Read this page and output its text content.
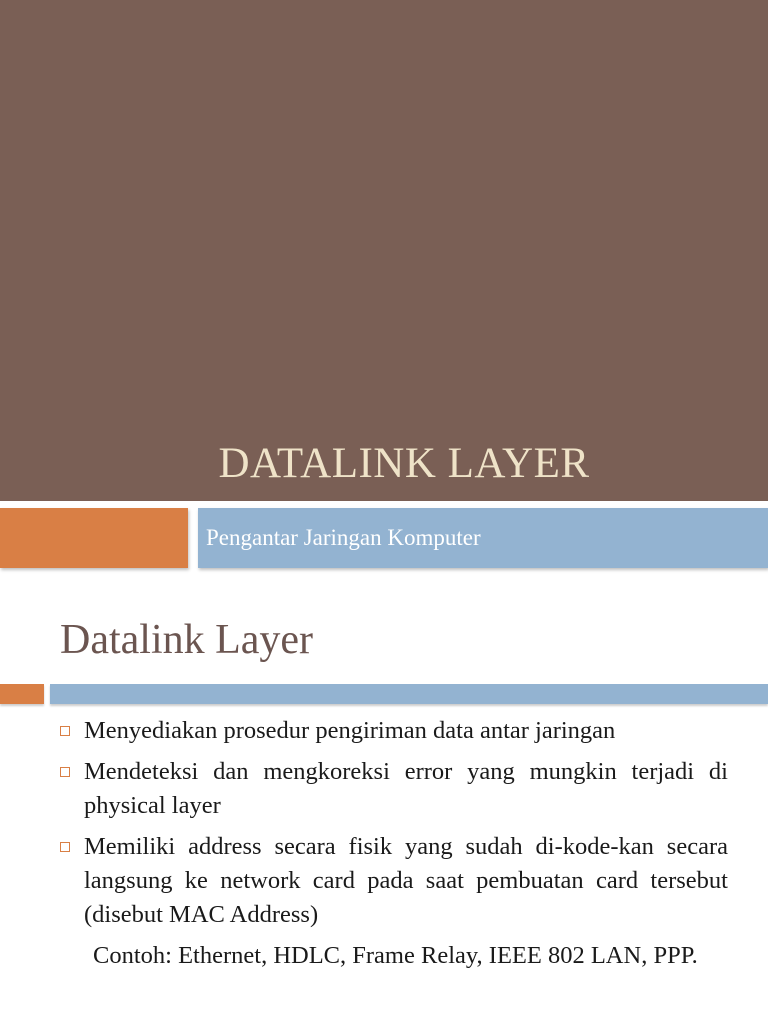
DATALINK LAYER
Pengantar Jaringan Komputer
Datalink Layer
Menyediakan prosedur pengiriman data antar jaringan
Mendeteksi dan mengkoreksi error yang mungkin terjadi di physical layer
Memiliki address secara fisik yang sudah di-kode-kan secara langsung ke network card pada saat pembuatan card tersebut (disebut MAC Address)
Contoh: Ethernet, HDLC, Frame Relay, IEEE 802 LAN, PPP.
